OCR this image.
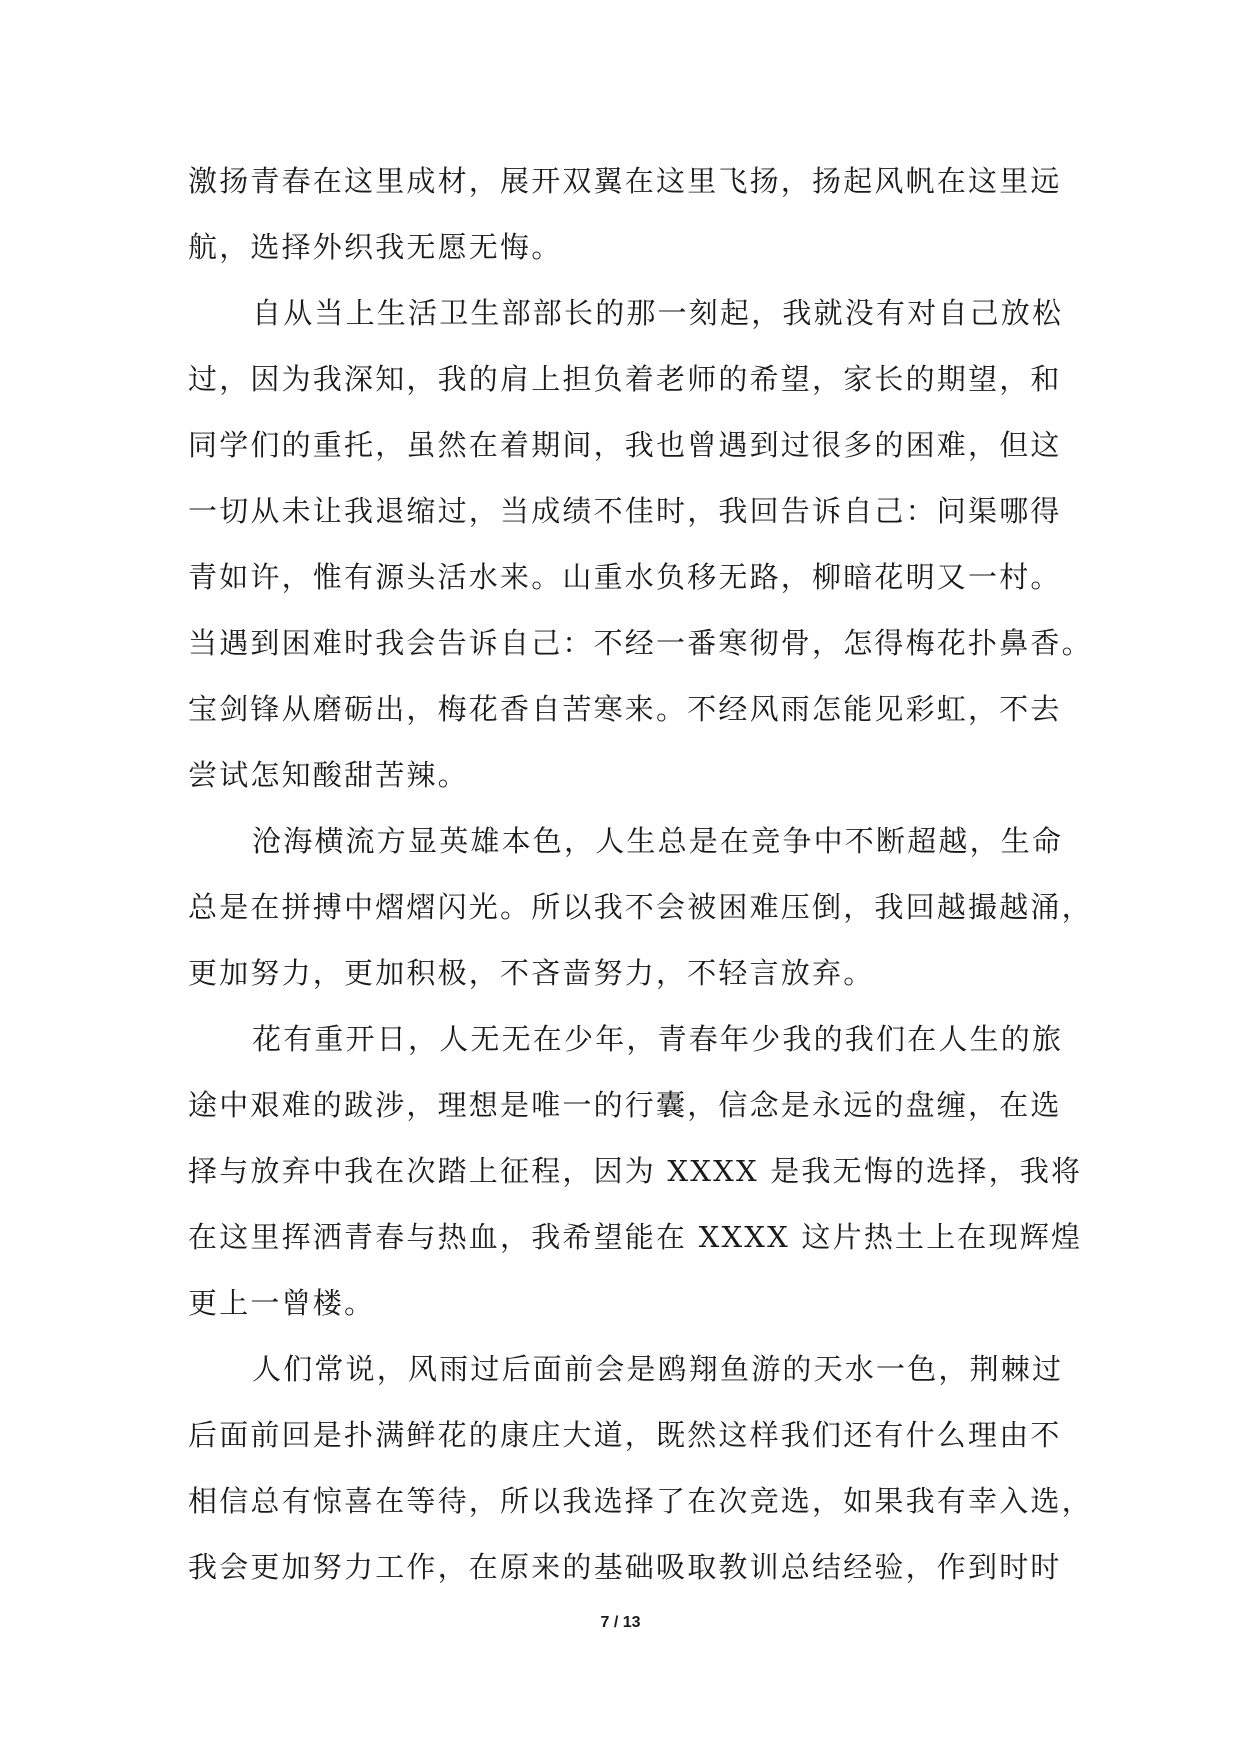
激扬青春在这里成材，展开双翼在这里飞扬，扬起风帆在这里远
航，选择外织我无愿无悔。
自从当上生活卫生部部长的那一刻起，我就没有对自己放松
过，因为我深知，我的肩上担负着老师的希望，家长的期望，和
同学们的重托，虽然在着期间，我也曾遇到过很多的困难，但这
一切从未让我退缩过，当成绩不佳时，我回告诉自己：问渠哪得
青如许，惟有源头活水来。山重水负移无路，柳暗花明又一村。
当遇到困难时我会告诉自己：不经一番寒彻骨，怎得梅花扑鼻香。
宝剑锋从磨砺出，梅花香自苦寒来。不经风雨怎能见彩虹，不去
尝试怎知酸甜苦辣。
沧海横流方显英雄本色，人生总是在竞争中不断超越，生命
总是在拼搏中熠熠闪光。所以我不会被困难压倒，我回越撮越涌，
更加努力，更加积极，不吝啬努力，不轻言放弃。
花有重开日，人无无在少年，青春年少我的我们在人生的旅
途中艰难的跋涉，理想是唯一的行囊，信念是永远的盘缠，在选
择与放弃中我在次踏上征程，因为 XXXX 是我无悔的选择，我将
在这里挥洒青春与热血，我希望能在 XXXX 这片热土上在现辉煌
更上一曾楼。
人们常说，风雨过后面前会是鸥翔鱼游的天水一色，荆棘过
后面前回是扑满鲜花的康庄大道，既然这样我们还有什么理由不
相信总有惊喜在等待，所以我选择了在次竞选，如果我有幸入选，
我会更加努力工作，在原来的基础吸取教训总结经验，作到时时
7 / 13
